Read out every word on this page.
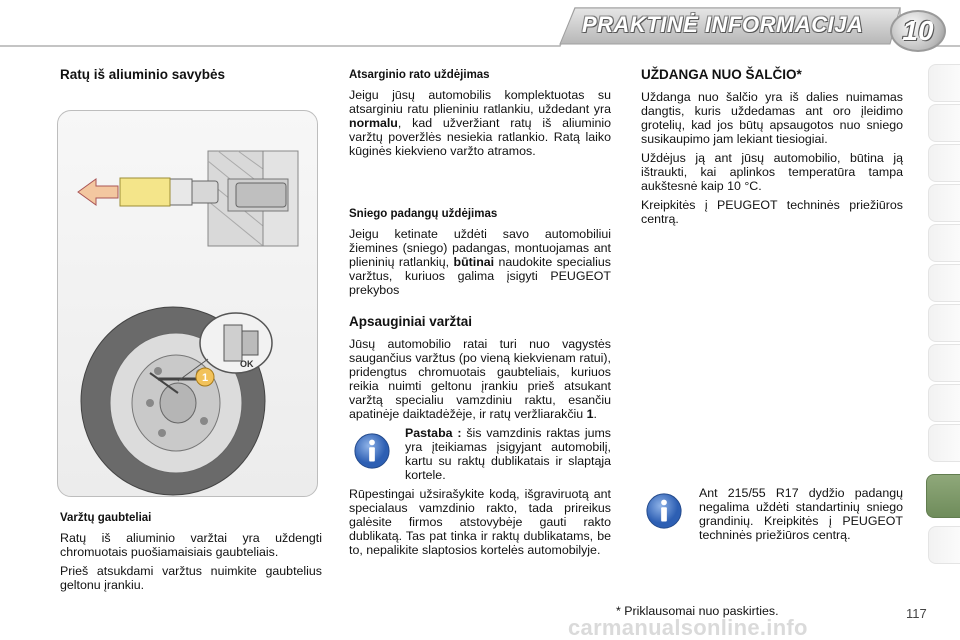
PRAKTINĖ INFORMACIJA	10
Ratų iš aliuminio savybės
1
OK
Varžtų gaubteliai

Ratų iš aliuminio varžtai yra uždengti chromuotais puošiamaisiais gaubteliais.

Prieš atsukdami varžtus nuimkite gaubtelius geltonu įrankiu.

Atsarginio rato uždėjimas

Jeigu jūsų automobilis komplektuotas su atsarginiu ratu plieniniu ratlankiu, uždedant yra normalu, kad užveržiant ratų iš aliuminio varžtų poveržlės nesiekia ratlankio. Ratą laiko kūginės kiekvieno varžto atramos.

Sniego padangų uždėjimas

Jeigu ketinate uždėti savo automobiliui žiemines (sniego) padangas, montuojamas ant plieninių ratlankių, būtinai naudokite specialius varžtus, kuriuos galima įsigyti PEUGEOT prekybos

Apsauginiai varžtai

Jūsų automobilio ratai turi nuo vagystės saugančius varžtus (po vieną kiekvienam ratui), pridengtus chromuotais gaubteliais, kuriuos reikia nuimti geltonu įrankiu prieš atsukant varžtą specialiu vamzdiniu raktu, esančiu apatinėje daiktadėžėje, ir ratų veržliarakčiu 1.

Pastaba : šis vamzdinis raktas jums yra įteikiamas įsigyjant automobilį, kartu su raktų dublikatais ir slaptąja kortele.

Rūpestingai užsirašykite kodą, išgraviruotą ant specialaus vamzdinio rakto, tada prireikus galėsite firmos atstovybėje gauti rakto dublikatą. Tas pat tinka ir raktų dublikatams, be to, nepalikite slaptosios kortelės automobilyje.

UŽDANGA NUO ŠALČIO*

Uždanga nuo šalčio yra iš dalies nuimamas dangtis, kuris uždedamas ant oro įleidimo grotelių, kad jos būtų apsaugotos nuo sniego susikaupimo jam lekiant tiesiogiai.

Uždėjus ją ant jūsų automobilio, būtina ją ištraukti, kai aplinkos temperatūra tampa aukštesnė kaip 10 °C.

Kreipkitės į PEUGEOT techninės priežiūros centrą.

Ant 215/55 R17 dydžio padangų negalima uždėti standartinių sniego grandinių. Kreipkitės į PEUGEOT techninės priežiūros centrą.

* Priklausomai nuo paskirties.	117
carmanualsonline.info
